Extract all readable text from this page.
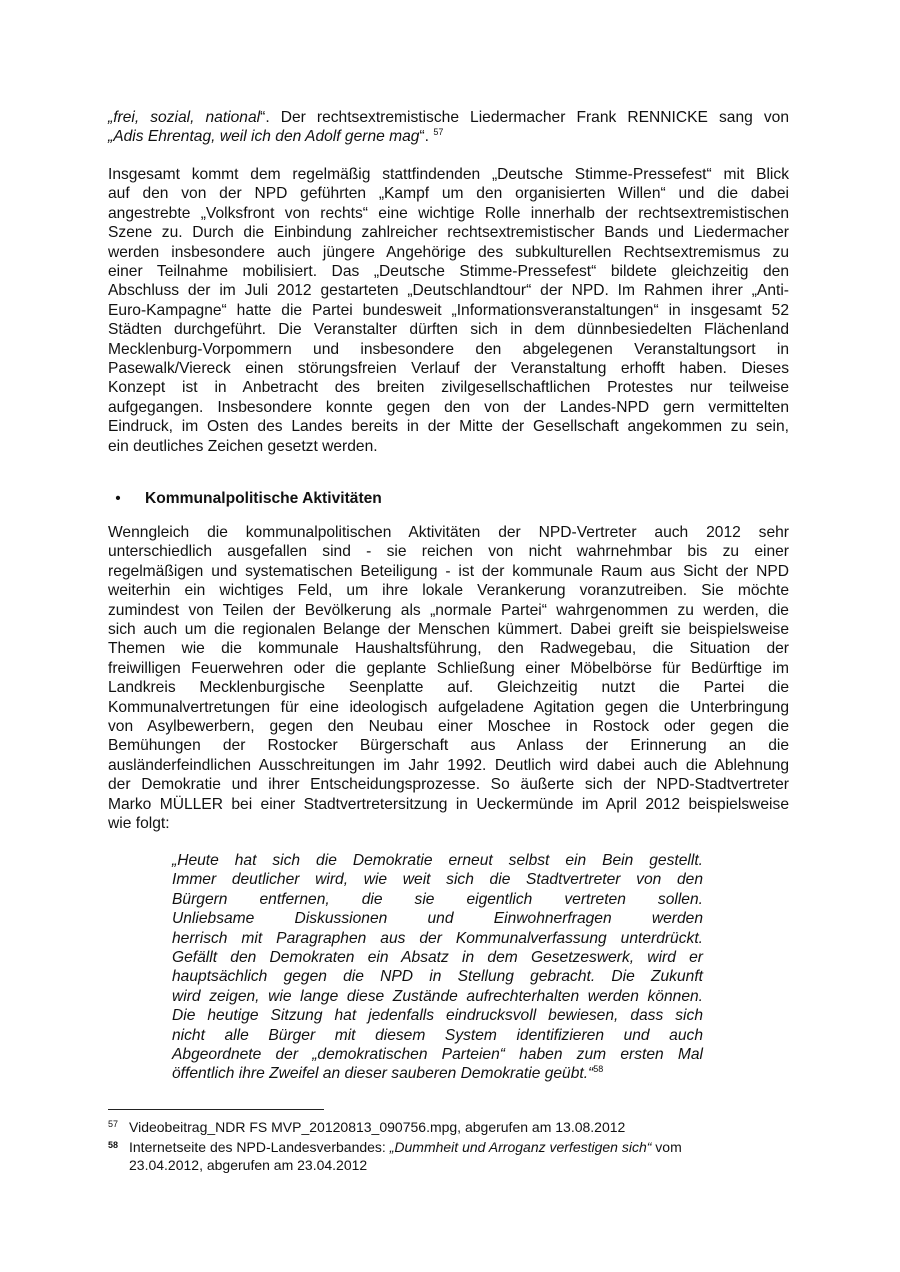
„frei, sozial, national“. Der rechtsextremistische Liedermacher Frank RENNICKE sang von
„Adis Ehrentag, weil ich den Adolf gerne mag“. $^{57}$

Insgesamt kommt dem regelmäßig stattfindenden „Deutsche Stimme-Pressefest“ mit Blick
auf den von der NPD geführten „Kampf um den organisierten Willen“ und die dabei
angestrebte „Volksfront von rechts“ eine wichtige Rolle innerhalb der rechtsextremistischen
Szene zu. Durch die Einbindung zahlreicher rechtsextremistischer Bands und Liedermacher
werden insbesondere auch jüngere Angehörige des subkulturellen Rechtsextremismus zu
einer Teilnahme mobilisiert. Das „Deutsche Stimme-Pressefest“ bildete gleichzeitig den
Abschluss der im Juli 2012 gestarteten „Deutschlandtour“ der NPD. Im Rahmen ihrer „Anti-
Euro-Kampagne“ hatte die Partei bundesweit „Informationsveranstaltungen“ in insgesamt 52
Städten durchgeführt. Die Veranstalter dürften sich in dem dünnbesiedelten Flächenland
Mecklenburg-Vorpommern und insbesondere den abgelegenen Veranstaltungsort in
Pasewalk/Viereck einen störungsfreien Verlauf der Veranstaltung erhofft haben. Dieses
Konzept ist in Anbetracht des breiten zivilgesellschaftlichen Protestes nur teilweise
aufgegangen. Insbesondere konnte gegen den von der Landes-NPD gern vermittelten
Eindruck, im Osten des Landes bereits in der Mitte der Gesellschaft angekommen zu sein,
ein deutliches Zeichen gesetzt werden.

•	Kommunalpolitische Aktivitäten

Wenngleich die kommunalpolitischen Aktivitäten der NPD-Vertreter auch 2012 sehr
unterschiedlich ausgefallen sind - sie reichen von nicht wahrnehmbar bis zu einer
regelmäßigen und systematischen Beteiligung - ist der kommunale Raum aus Sicht der NPD
weiterhin ein wichtiges Feld, um ihre lokale Verankerung voranzutreiben. Sie möchte
zumindest von Teilen der Bevölkerung als „normale Partei“ wahrgenommen zu werden, die
sich auch um die regionalen Belange der Menschen kümmert. Dabei greift sie beispielsweise
Themen wie die kommunale Haushaltsführung, den Radwegebau, die Situation der
freiwilligen Feuerwehren oder die geplante Schließung einer Möbelbörse für Bedürftige im
Landkreis Mecklenburgische Seenplatte auf. Gleichzeitig nutzt die Partei die
Kommunalvertretungen für eine ideologisch aufgeladene Agitation gegen die Unterbringung
von Asylbewerbern, gegen den Neubau einer Moschee in Rostock oder gegen die
Bemühungen der Rostocker Bürgerschaft aus Anlass der Erinnerung an die
ausländerfeindlichen Ausschreitungen im Jahr 1992. Deutlich wird dabei auch die Ablehnung
der Demokratie und ihrer Entscheidungsprozesse. So äußerte sich der NPD-Stadtvertreter
Marko MÜLLER bei einer Stadtvertretersitzung in Ueckermünde im April 2012 beispielsweise
wie folgt:

„Heute hat sich die Demokratie erneut selbst ein Bein gestellt.
Immer deutlicher wird, wie weit sich die Stadtvertreter von den
Bürgern entfernen, die sie eigentlich vertreten sollen.
Unliebsame Diskussionen und Einwohnerfragen werden
herrisch mit Paragraphen aus der Kommunalverfassung unterdrückt.
Gefällt den Demokraten ein Absatz in dem Gesetzeswerk, wird er
hauptsächlich gegen die NPD in Stellung gebracht. Die Zukunft
wird zeigen, wie lange diese Zustände aufrechterhalten werden können.
Die heutige Sitzung hat jedenfalls eindrucksvoll bewiesen, dass sich
nicht alle Bürger mit diesem System identifizieren und auch
Abgeordnete der „demokratischen Parteien“ haben zum ersten Mal
öffentlich ihre Zweifel an dieser sauberen Demokratie geübt.“$^{58}$
57 Videobeitrag_NDR FS MVP_20120813_090756.mpg, abgerufen am 13.08.2012
58 Internetseite des NPD-Landesverbandes: „Dummheit und Arroganz verfestigen sich“ vom
23.04.2012, abgerufen am 23.04.2012
